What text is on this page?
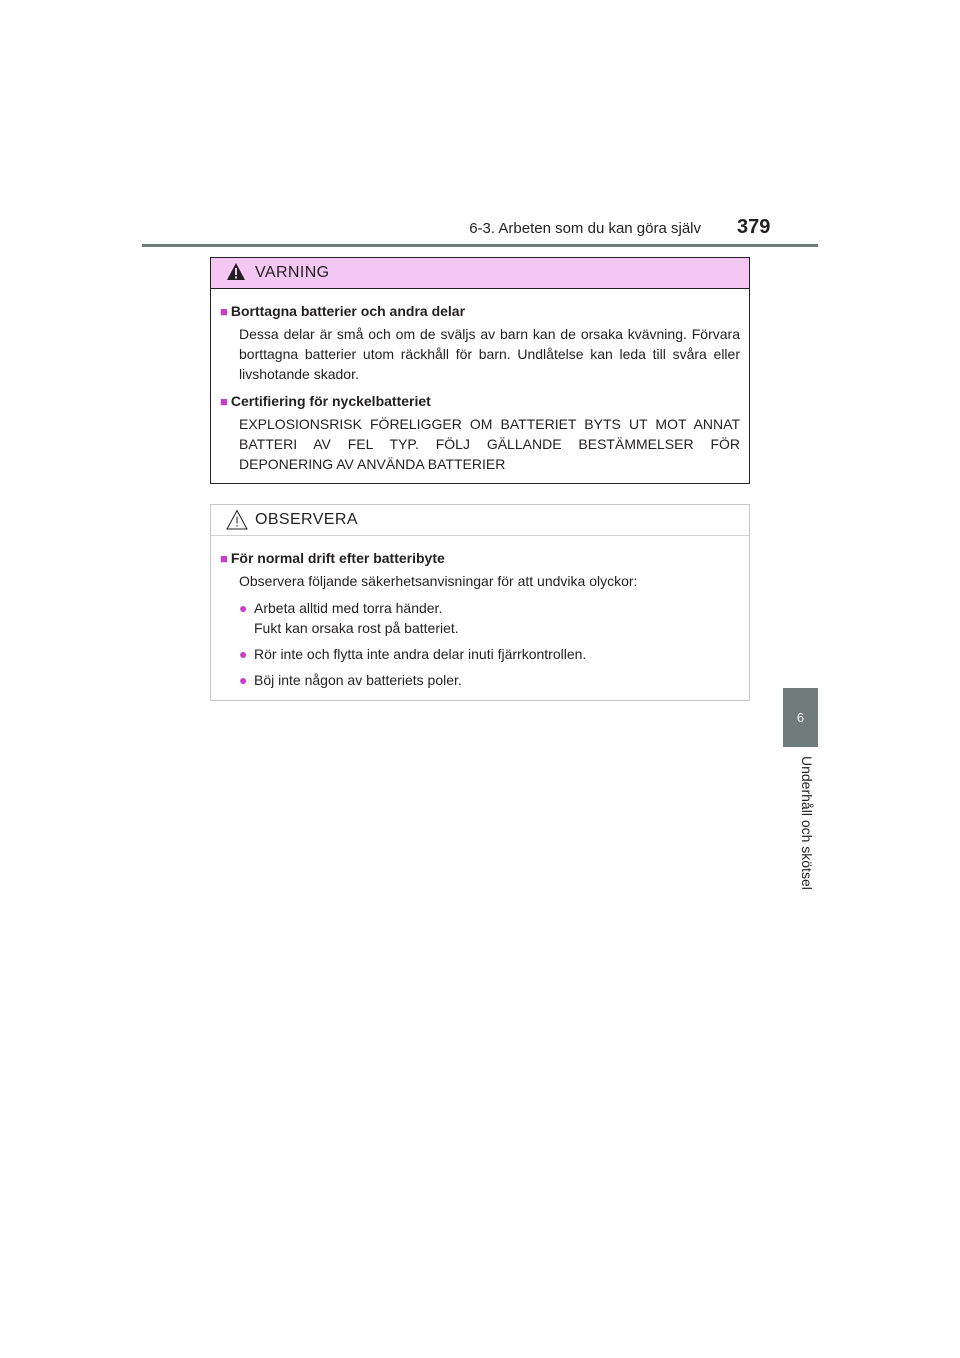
6-3. Arbeten som du kan göra själv 379
6
Underhåll och skötsel
VARNING
■ Borttagna batterier och andra delar
Dessa delar är små och om de sväljs av barn kan de orsaka kvävning. Förvara borttagna batterier utom räckhåll för barn. Undlåtelse kan leda till svåra eller livshotande skador.
■ Certifiering för nyckelbatteriet
EXPLOSIONSRISK FÖRELIGGER OM BATTERIET BYTS UT MOT ANNAT BATTERI AV FEL TYP. FÖLJ GÄLLANDE BESTÄMMELSER FÖR DEPONERING AV ANVÄNDA BATTERIER
OBSERVERA
■ För normal drift efter batteribyte
Observera följande säkerhetsanvisningar för att undvika olyckor:
● Arbeta alltid med torra händer.
Fukt kan orsaka rost på batteriet.
● Rör inte och flytta inte andra delar inuti fjärrkontrollen.
● Böj inte någon av batteriets poler.
